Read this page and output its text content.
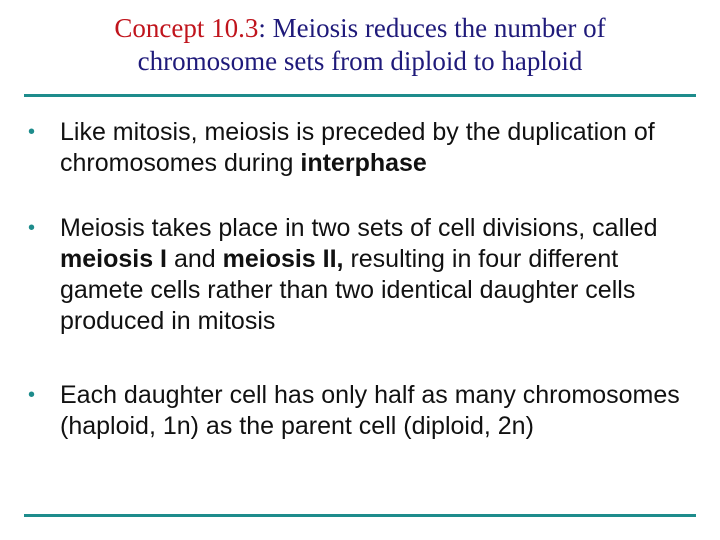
Concept 10.3: Meiosis reduces the number of
chromosome sets from diploid to haploid
• Like mitosis, meiosis is preceded by the duplication of chromosomes during interphase
• Meiosis takes place in two sets of cell divisions, called meiosis I and meiosis II, resulting in four different gamete cells rather than two identical daughter cells produced in mitosis
• Each daughter cell has only half as many chromosomes (haploid, 1n) as the parent cell (diploid, 2n)
